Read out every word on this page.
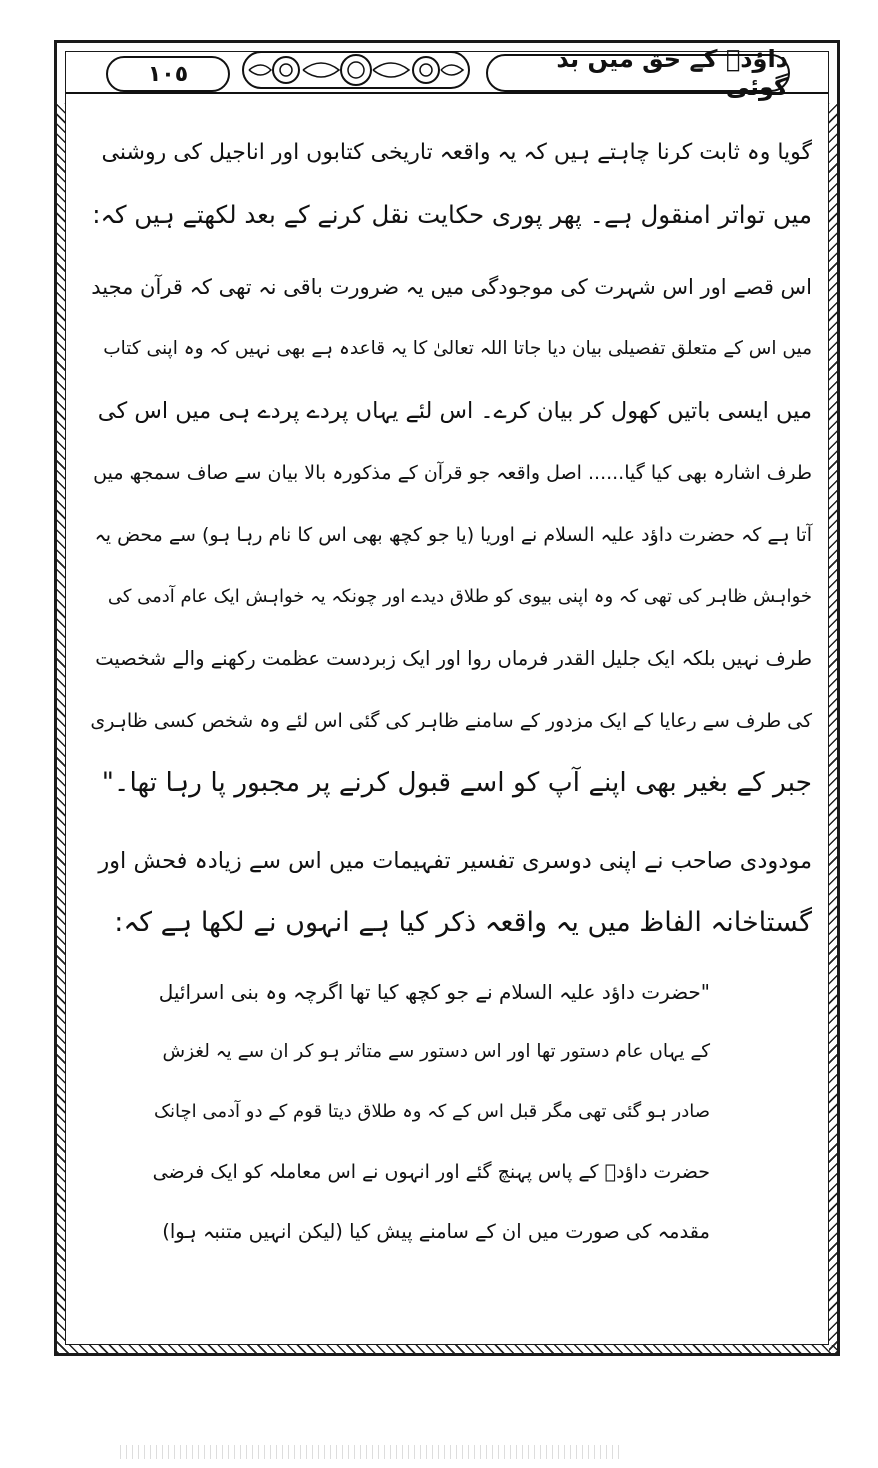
١٠٥
داؤدؑ کے حق میں بد گوئی
گویا وہ ثابت کرنا چاہتے ہیں کہ یہ واقعہ تاریخی کتابوں اور اناجیل کی روشنی
میں تواتر امنقول ہے۔ پھر پوری حکایت نقل کرنے کے بعد لکھتے ہیں کہ:
اس قصے اور اس شہرت کی موجودگی میں یہ ضرورت باقی نہ تھی کہ قرآن مجید
میں اس کے متعلق تفصیلی بیان دیا جاتا اللہ تعالیٰ کا یہ قاعدہ ہے بھی نہیں کہ وہ اپنی کتاب
میں ایسی باتیں کھول کر بیان کرے۔ اس لئے یہاں پردے پردے ہی میں اس کی
طرف اشارہ بھی کیا گیا...... اصل واقعہ جو قرآن کے مذکورہ بالا بیان سے صاف سمجھ میں
آتا ہے کہ حضرت داؤد علیہ السلام نے اوریا (یا جو کچھ بھی اس کا نام رہا ہو) سے محض یہ
خواہش ظاہر کی تھی کہ وہ اپنی بیوی کو طلاق دیدے اور چونکہ یہ خواہش ایک عام آدمی کی
طرف نہیں بلکہ ایک جلیل القدر فرماں روا اور ایک زبردست عظمت رکھنے والے شخصیت
کی طرف سے رعایا کے ایک مزدور کے سامنے ظاہر کی گئی اس لئے وہ شخص کسی ظاہری
جبر کے بغیر بھی اپنے آپ کو اسے قبول کرنے پر مجبور پا رہا تھا۔"
مودودی صاحب نے اپنی دوسری تفسیر تفہیمات میں اس سے زیادہ فحش اور
گستاخانہ الفاظ میں یہ واقعہ ذکر کیا ہے انہوں نے لکھا ہے کہ:
"حضرت داؤد علیہ السلام نے جو کچھ کیا تھا اگرچہ وہ بنی اسرائیل
کے یہاں عام دستور تھا اور اس دستور سے متاثر ہو کر ان سے یہ لغزش
صادر ہو گئی تھی مگر قبل اس کے کہ وہ طلاق دیتا قوم کے دو آدمی اچانک
حضرت داؤدؑ کے پاس پہنچ گئے اور انہوں نے اس معاملہ کو ایک فرضی
مقدمہ کی صورت میں ان کے سامنے پیش کیا (لیکن انہیں متنبہ ہوا)
